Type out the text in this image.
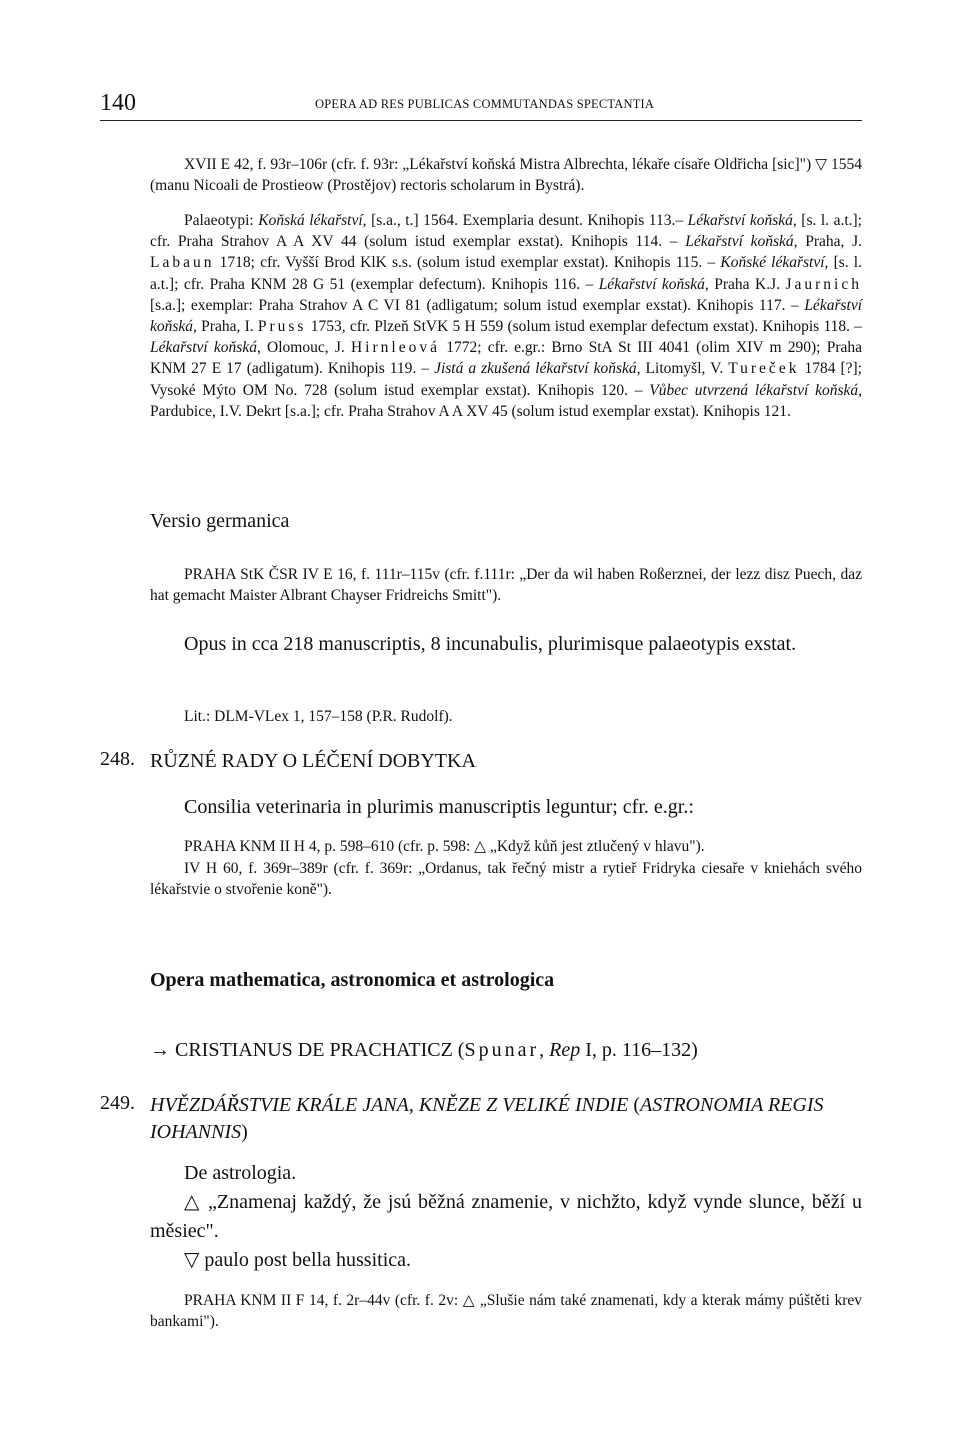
140	OPERA AD RES PUBLICAS COMMUTANDAS SPECTANTIA
XVII E 42, f. 93r–106r (cfr. f. 93r: „Lékařství koňská Mistra Albrechta, lékaře císaře Oldřicha [sic]") ▽ 1554 (manu Nicoali de Prostieow (Prostějov) rectoris scholarum in Bystrá).
Palaeotypi: Koňská lékařství, [s.a., t.] 1564. Exemplaria desunt. Knihopis 113.– Lékařství koňská, [s. l. a.t.]; cfr. Praha Strahov A A XV 44 (solum istud exemplar exstat). Knihopis 114. – Lékařství koňská, Praha, J. Labaun 1718; cfr. Vyšší Brod KlK s.s. (solum istud exemplar exstat). Knihopis 115. – Koňské lékařství, [s. l. a.t.]; cfr. Praha KNM 28 G 51 (exemplar defectum). Knihopis 116. – Lékařství koňská, Praha K.J. Jaurnich [s.a.]; exemplar: Praha Strahov A C VI 81 (adligatum; solum istud exemplar exstat). Knihopis 117. – Lékařství koňská, Praha, I. Pruss 1753, cfr. Plzeň StVK 5 H 559 (solum istud exemplar defectum exstat). Knihopis 118. – Lékařství koňská, Olomouc, J. Hirnleová 1772; cfr. e.gr.: Brno StA St III 4041 (olim XIV m 290); Praha KNM 27 E 17 (adligatum). Knihopis 119. – Jistá a zkušená lékařství koňská, Litomyšl, V. Tureček 1784 [?]; Vysoké Mýto OM No. 728 (solum istud exemplar exstat). Knihopis 120. – Vůbec utvrzená lékařství koňská, Pardubice, I.V. Dekrt [s.a.]; cfr. Praha Strahov A A XV 45 (solum istud exemplar exstat). Knihopis 121.
Versio germanica
PRAHA StK ČSR IV E 16, f. 111r–115v (cfr. f.111r: „Der da wil haben Roßerznei, der lezz disz Puech, daz hat gemacht Maister Albrant Chayser Fridreichs Smitt").
Opus in cca 218 manuscriptis, 8 incunabulis, plurimisque palaeotypis exstat.
Lit.: DLM-VLex 1, 157–158 (P.R. Rudolf).
248. RŮZNÉ RADY O LÉČENÍ DOBYTKA
Consilia veterinaria in plurimis manuscriptis leguntur; cfr. e.gr.:
PRAHA KNM II H 4, p. 598–610 (cfr. p. 598: △ „Když kůň jest ztlučený v hlavu").
IV H 60, f. 369r–389r (cfr. f. 369r: „Ordanus, tak řečný mistr a rytieř Fridryka ciesaře v kniehách svého lékařstvie o stvořenie koně").
Opera mathematica, astronomica et astrologica
→ CRISTIANUS DE PRACHATICZ (Spunar, Rep I, p. 116–132)
249. HVĚZDÁŘSTVIE KRÁLE JANA, KNĚZE Z VELIKÉ INDIE (ASTRONOMIA REGIS IOHANNIS)
De astrologia.
△ „Znamenaj každý, že jsú běžná znamenie, v nichžto, když vynde slunce, běží u měsiec".
▽ paulo post bella hussitica.
PRAHA KNM II F 14, f. 2r–44v (cfr. f. 2v: △ „Slušie nám také znamenati, kdy a kterak mámy púštěti krev bankami").
